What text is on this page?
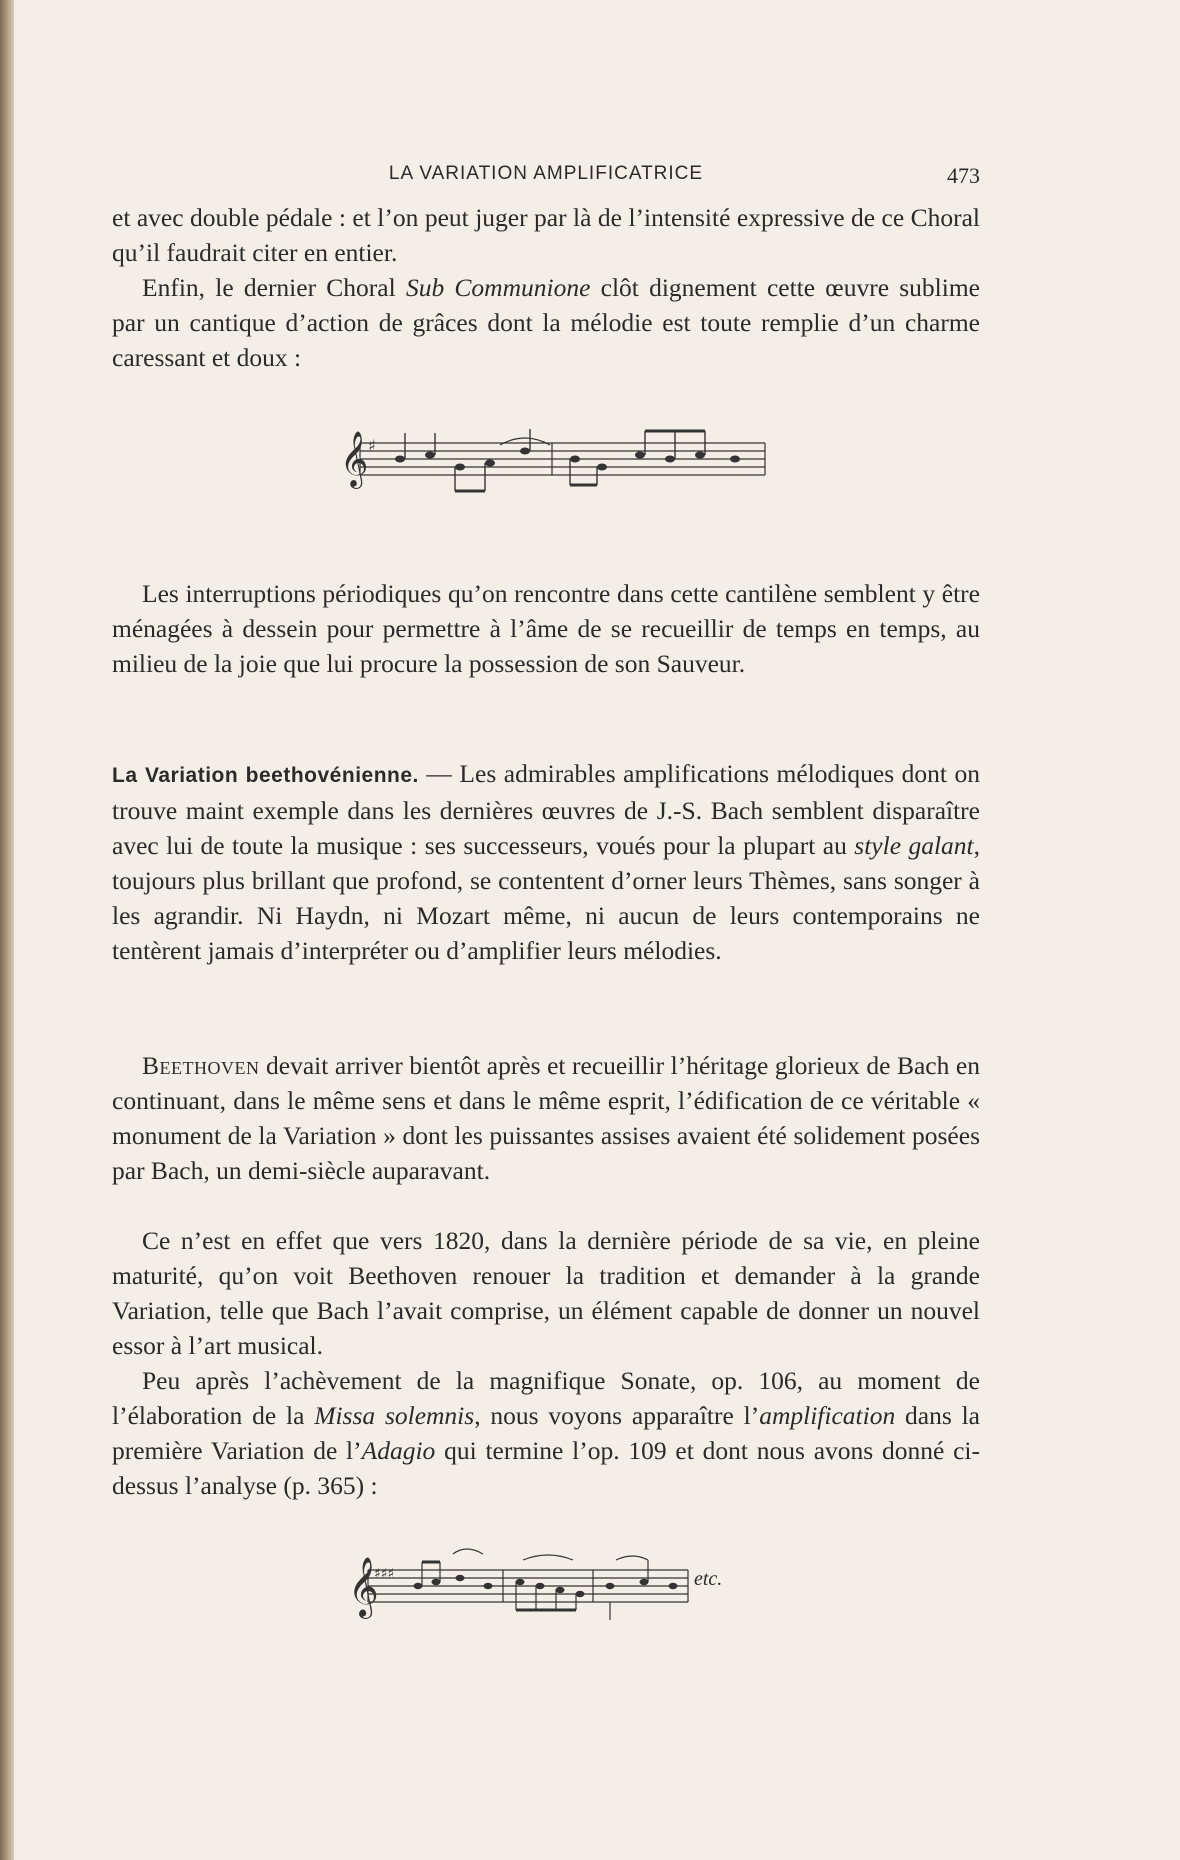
LA VARIATION AMPLIFICATRICE	473

et avec double pédale : et l’on peut juger par là de l’intensité expressive de ce Choral qu’il faudrait citer en entier.

Enfin, le dernier Choral Sub Communione clôt dignement cette œuvre sublime par un cantique d’action de grâces dont la mélodie est toute remplie d’un charme caressant et doux :

𝄞 ♯

Les interruptions périodiques qu’on rencontre dans cette cantilène semblent y être ménagées à dessein pour permettre à l’âme de se recueillir de temps en temps, au milieu de la joie que lui procure la possession de son Sauveur.

La Variation beethovénienne. — Les admirables amplifications mélodiques dont on trouve maint exemple dans les dernières œuvres de J.-S. Bach semblent disparaître avec lui de toute la musique : ses successeurs, voués pour la plupart au style galant, toujours plus brillant que profond, se contentent d’orner leurs Thèmes, sans songer à les agrandir. Ni Haydn, ni Mozart même, ni aucun de leurs contemporains ne tentèrent jamais d’interpréter ou d’amplifier leurs mélodies.

Beethoven devait arriver bientôt après et recueillir l’héritage glorieux de Bach en continuant, dans le même sens et dans le même esprit, l’édification de ce véritable « monument de la Variation » dont les puissantes assises avaient été solidement posées par Bach, un demi-siècle auparavant.

Ce n’est en effet que vers 1820, dans la dernière période de sa vie, en pleine maturité, qu’on voit Beethoven renouer la tradition et demander à la grande Variation, telle que Bach l’avait comprise, un élément capable de donner un nouvel essor à l’art musical.

Peu après l’achèvement de la magnifique Sonate, op. 106, au moment de l’élaboration de la Missa solemnis, nous voyons apparaître l’amplification dans la première Variation de l’Adagio qui termine l’op. 109 et dont nous avons donné ci-dessus l’analyse (p. 365) :

𝄞
♯♯♯	etc.
